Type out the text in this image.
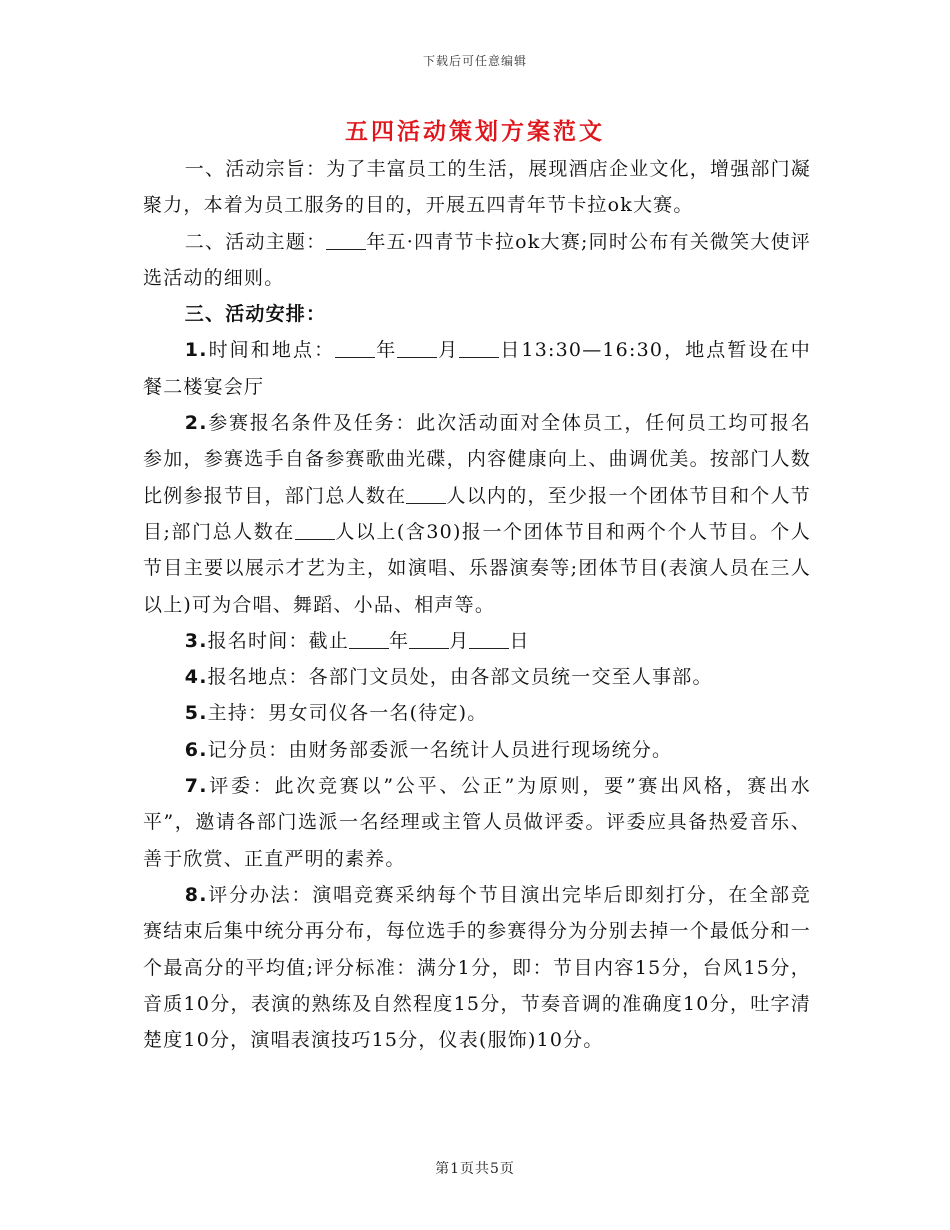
下载后可任意编辑
五四活动策划方案范文

一、活动宗旨：为了丰富员工的生活，展现酒店企业文化，增强部门凝聚力，本着为员工服务的目的，开展五四青年节卡拉ok大赛。

二、活动主题： 年五·四青节卡拉ok大赛;同时公布有关微笑大使评选活动的细则。

三、活动安排：

1.时间和地点： 年 月 日13:30—16:30，地点暂设在中餐二楼宴会厅

2.参赛报名条件及任务：此次活动面对全体员工，任何员工均可报名参加，参赛选手自备参赛歌曲光碟，内容健康向上、曲调优美。按部门人数比例参报节目，部门总人数在 人以内的，至少报一个团体节目和个人节目;部门总人数在 人以上(含30)报一个团体节目和两个个人节目。个人节目主要以展示才艺为主，如演唱、乐器演奏等;团体节目(表演人员在三人以上)可为合唱、舞蹈、小品、相声等。

3.报名时间：截止 年 月 日

4.报名地点：各部门文员处，由各部文员统一交至人事部。

5.主持：男女司仪各一名(待定)。

6.记分员：由财务部委派一名统计人员进行现场统分。

7.评委：此次竞赛以”公平、公正”为原则，要”赛出风格，赛出水平”，邀请各部门选派一名经理或主管人员做评委。评委应具备热爱音乐、善于欣赏、正直严明的素养。

8.评分办法：演唱竞赛采纳每个节目演出完毕后即刻打分，在全部竞赛结束后集中统分再分布，每位选手的参赛得分为分别去掉一个最低分和一个最高分的平均值;评分标准：满分1分，即：节目内容15分，台风15分，音质10分，表演的熟练及自然程度15分，节奏音调的准确度10分，吐字清楚度10分，演唱表演技巧15分，仪表(服饰)10分。

第1页共5页
